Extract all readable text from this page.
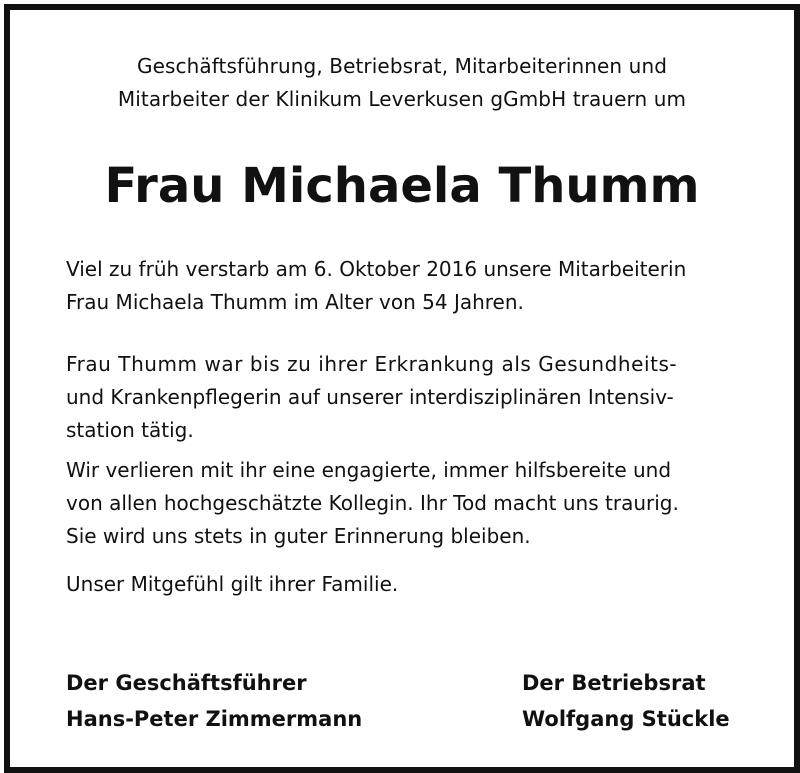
Geschäftsführung, Betriebsrat, Mitarbeiterinnen und
Mitarbeiter der Klinikum Leverkusen gGmbH trauern um
Frau Michaela Thumm
Viel zu früh verstarb am 6. Oktober 2016 unsere Mitarbeiterin
Frau Michaela Thumm im Alter von 54 Jahren.
Frau Thumm war bis zu ihrer Erkrankung als Gesundheits-
und Krankenpflegerin auf unserer interdisziplinären Intensiv-
station tätig.
Wir verlieren mit ihr eine engagierte, immer hilfsbereite und
von allen hochgeschätzte Kollegin. Ihr Tod macht uns traurig.
Sie wird uns stets in guter Erinnerung bleiben.
Unser Mitgefühl gilt ihrer Familie.
Der Geschäftsführer
Hans-Peter Zimmermann
Der Betriebsrat
Wolfgang Stückle
